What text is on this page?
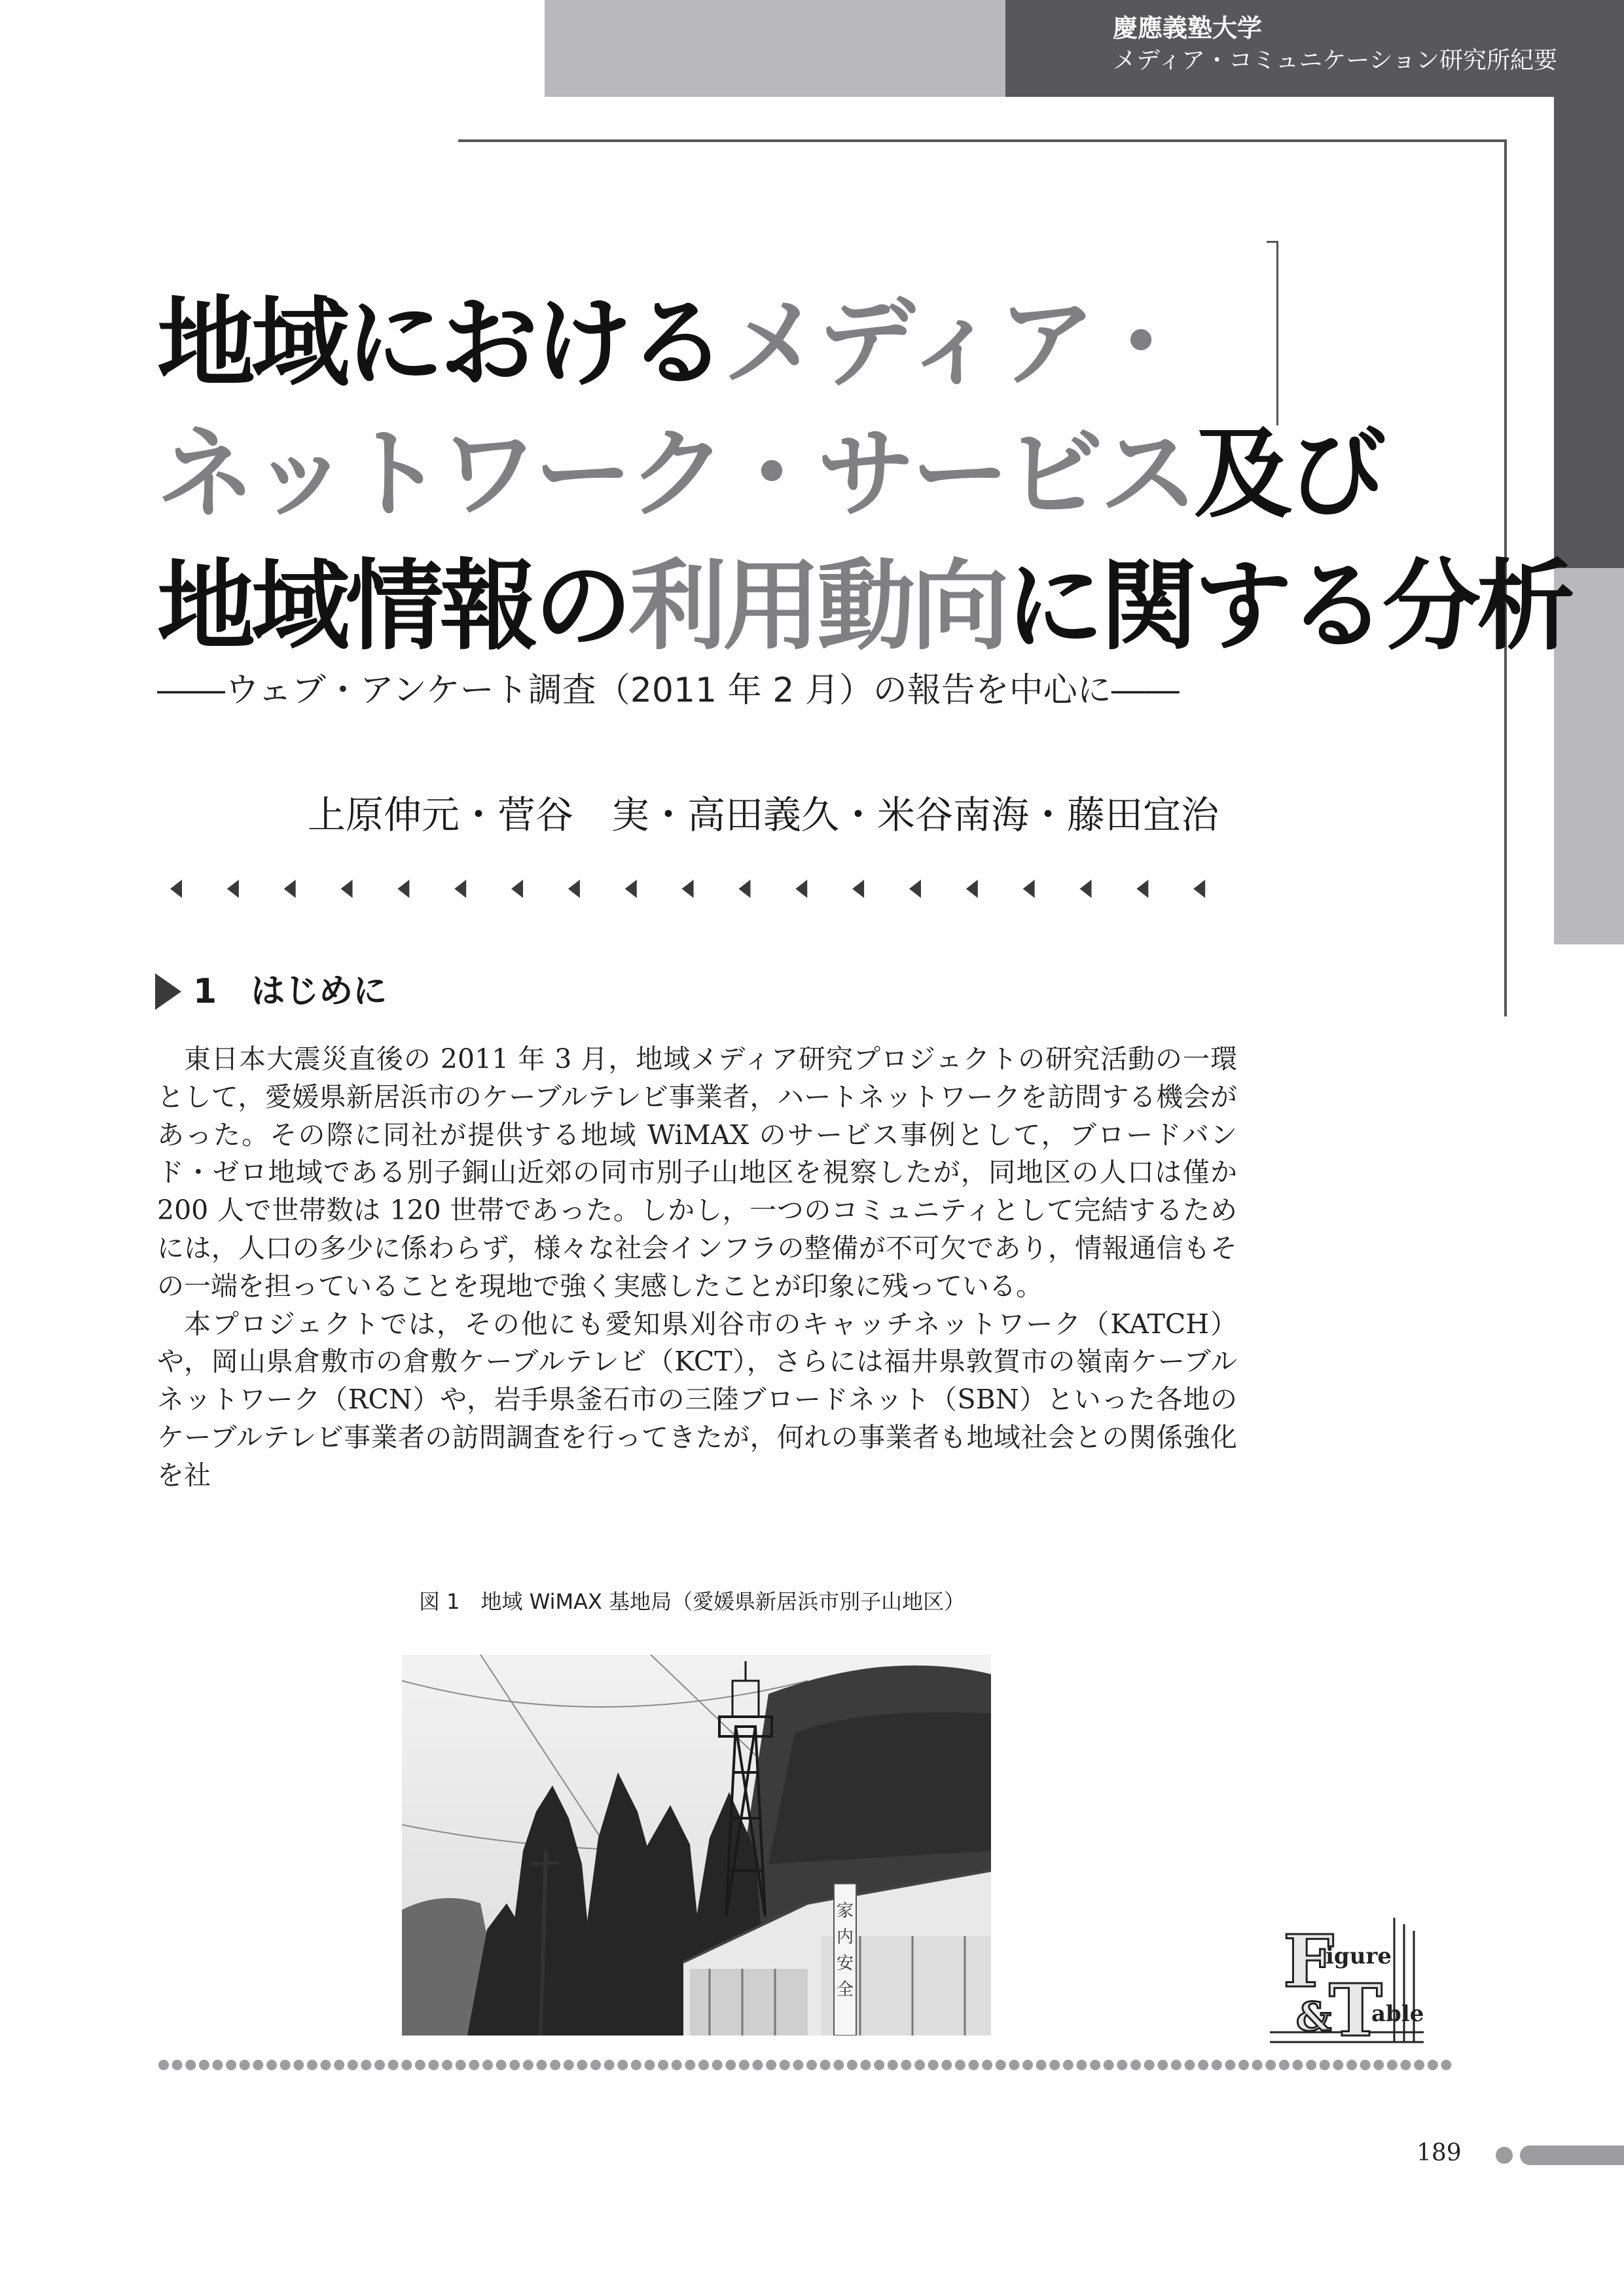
慶應義塾大学
メディア・コミュニケーション研究所紀要
地域におけるメディア・
ネットワーク・サービス及び
地域情報の利用動向に関する分析
――ウェブ・アンケート調査（2011 年 2 月）の報告を中心に――
上原伸元・菅谷　実・高田義久・米谷南海・藤田宜治
1　 はじめに

東日本大震災直後の 2011 年 3 月，地域メディア研究プロジェクトの研究活動の一環として，愛媛県新居浜市のケーブルテレビ事業者，ハートネットワークを訪問する機会があった。その際に同社が提供する地域 WiMAX のサービス事例として，ブロードバンド・ゼロ地域である別子銅山近郊の同市別子山地区を視察したが，同地区の人口は僅か 200 人で世帯数は 120 世帯であった。しかし，一つのコミュニティとして完結するためには，人口の多少に係わらず，様々な社会インフラの整備が不可欠であり，情報通信もその一端を担っていることを現地で強く実感したことが印象に残っている。

本プロジェクトでは，その他にも愛知県刈谷市のキャッチネットワーク（KATCH）や，岡山県倉敷市の倉敷ケーブルテレビ（KCT），さらには福井県敦賀市の嶺南ケーブルネットワーク（RCN）や，岩手県釜石市の三陸ブロードネット（SBN）といった各地のケーブルテレビ事業者の訪問調査を行ってきたが，何れの事業者も地域社会との関係強化を社

図 1　地域 WiMAX 基地局（愛媛県新居浜市別子山地区）
家
内
安
全	F
&
T
igure
able
189
